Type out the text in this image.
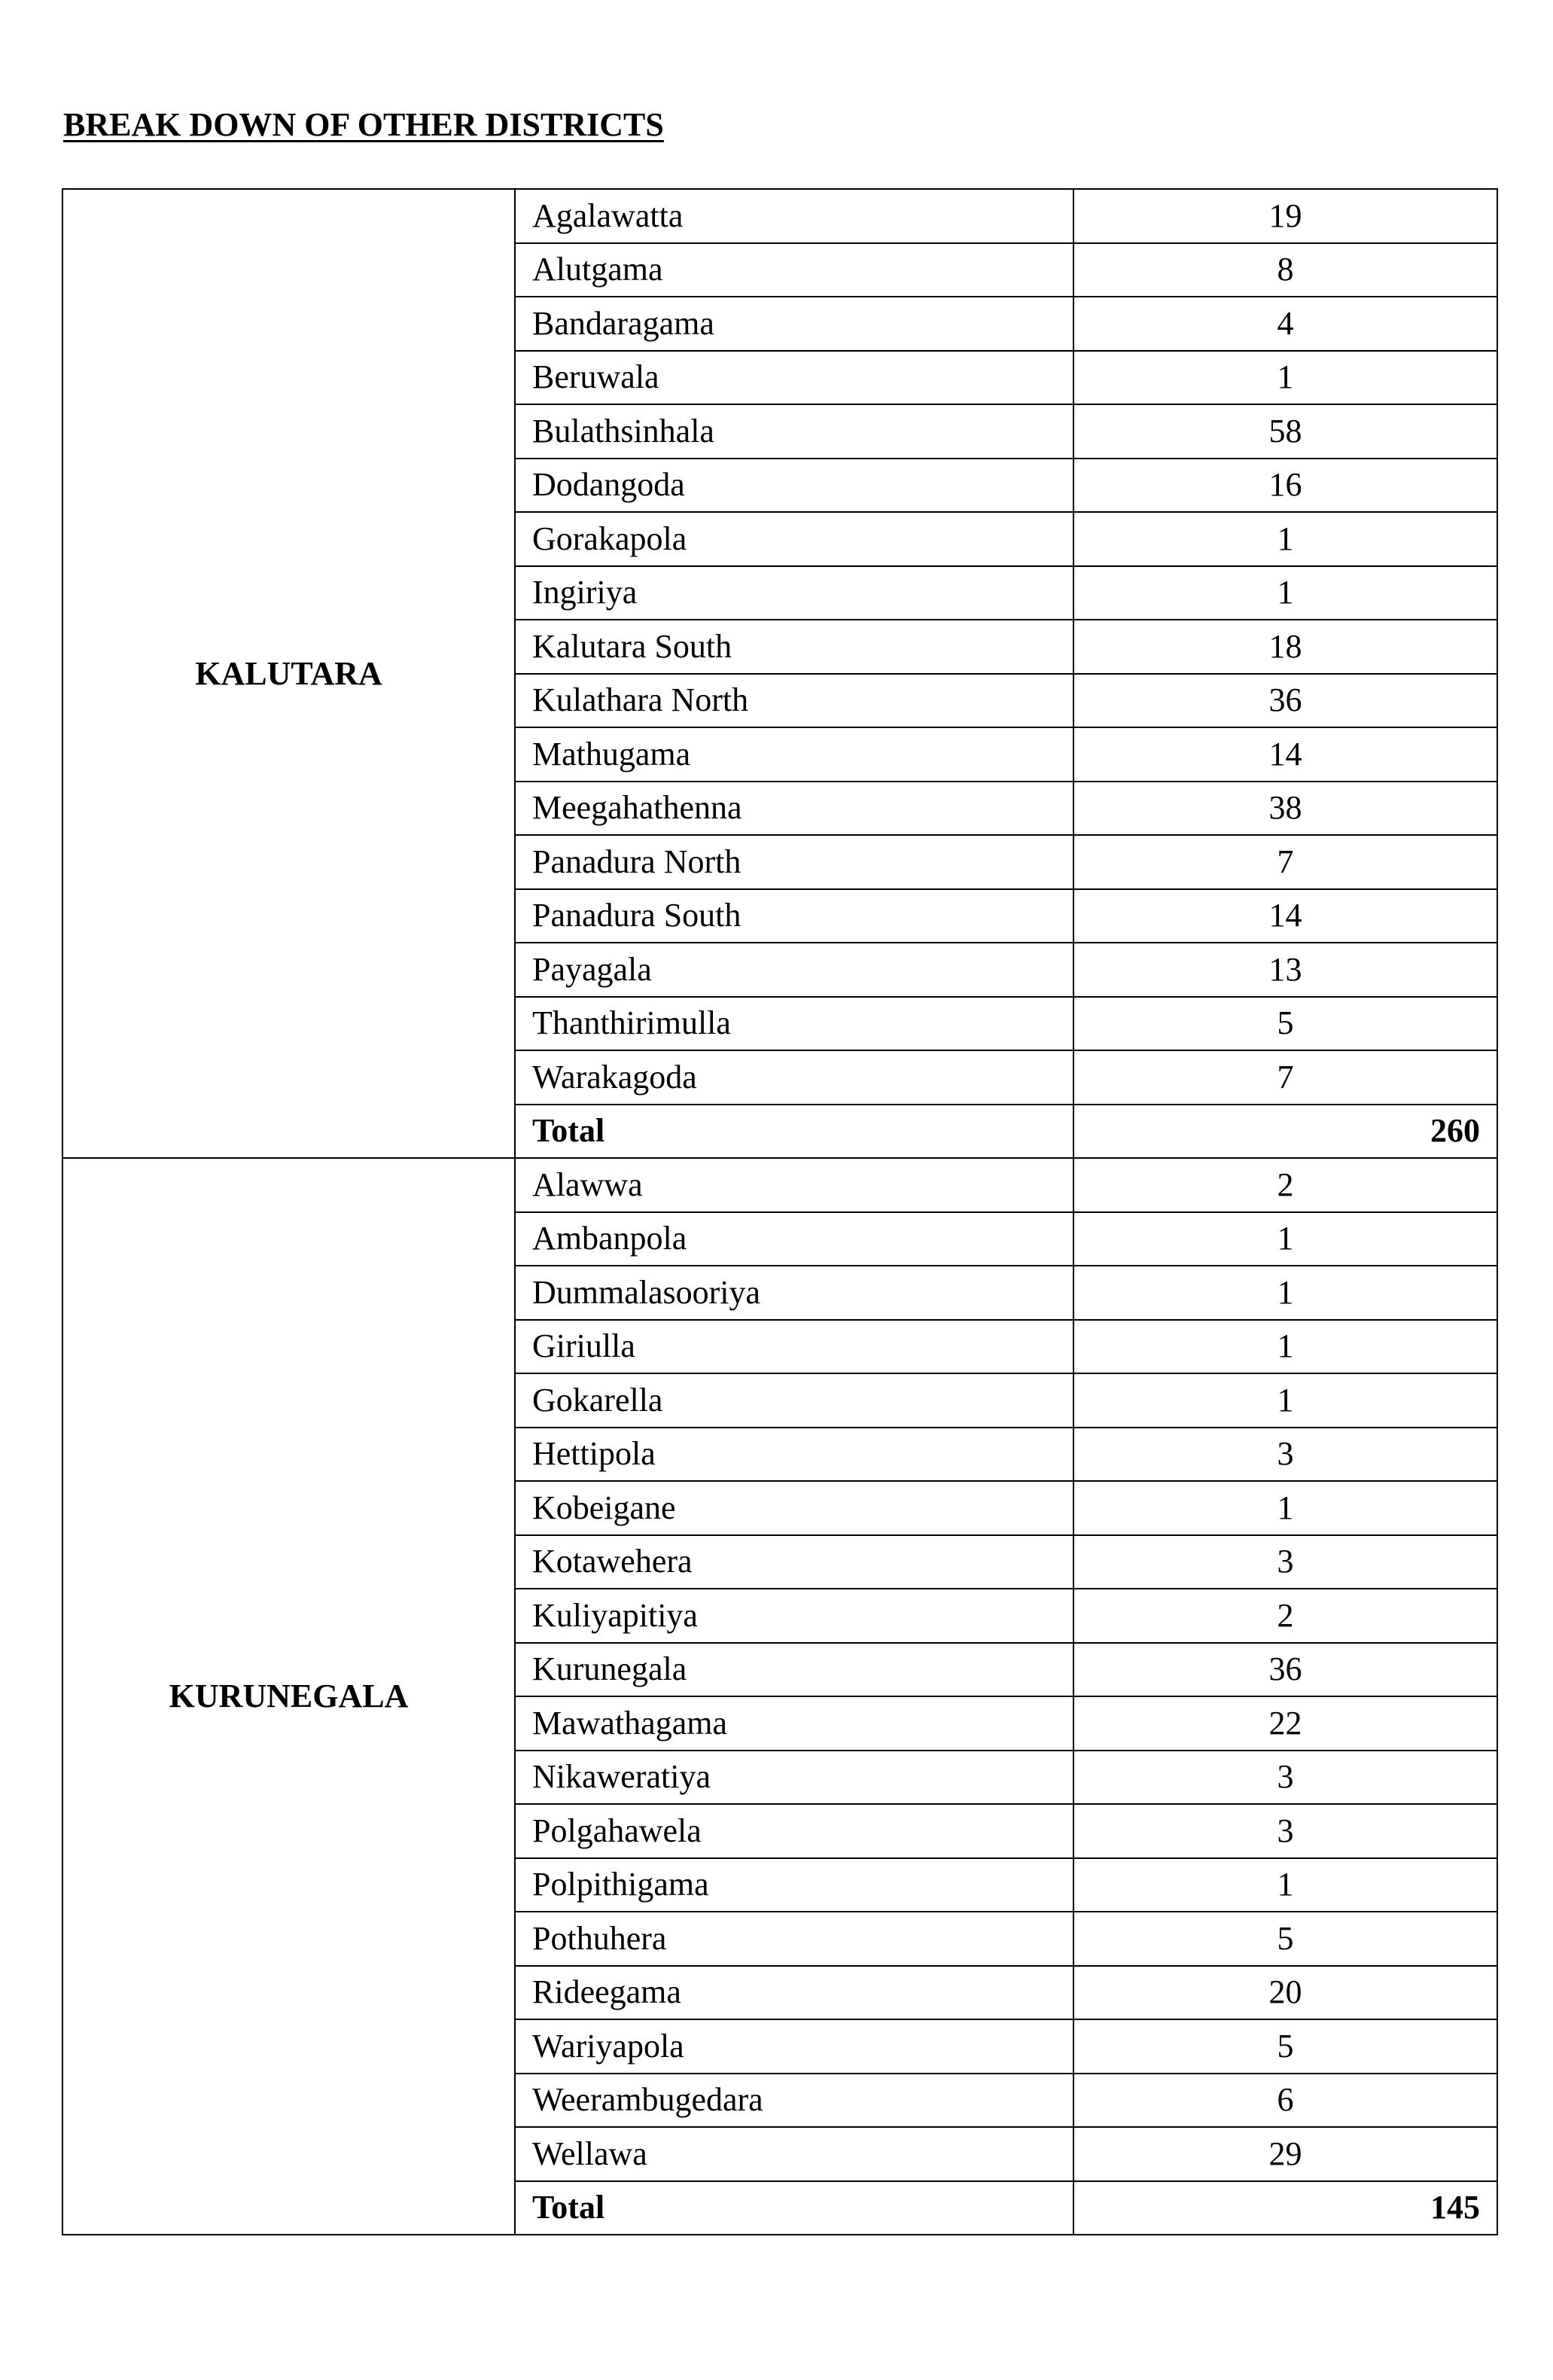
BREAK DOWN OF OTHER DISTRICTS
KALUTARA	Agalawatta	19
	Alutgama	8
	Bandaragama	4
	Beruwala	1
	Bulathsinhala	58
	Dodangoda	16
	Gorakapola	1
	Ingiriya	1
	Kalutara South	18
	Kulathara North	36
	Mathugama	14
	Meegahathenna	38
	Panadura North	7
	Panadura South	14
	Payagala	13
	Thanthirimulla	5
	Warakagoda	7
	Total	260
KURUNEGALA	Alawwa	2
	Ambanpola	1
	Dummalasooriya	1
	Giriulla	1
	Gokarella	1
	Hettipola	3
	Kobeigane	1
	Kotawehera	3
	Kuliyapitiya	2
	Kurunegala	36
	Mawathagama	22
	Nikaweratiya	3
	Polgahawela	3
	Polpithigama	1
	Pothuhera	5
	Rideegama	20
	Wariyapola	5
	Weerambugedara	6
	Wellawa	29
	Total	145
